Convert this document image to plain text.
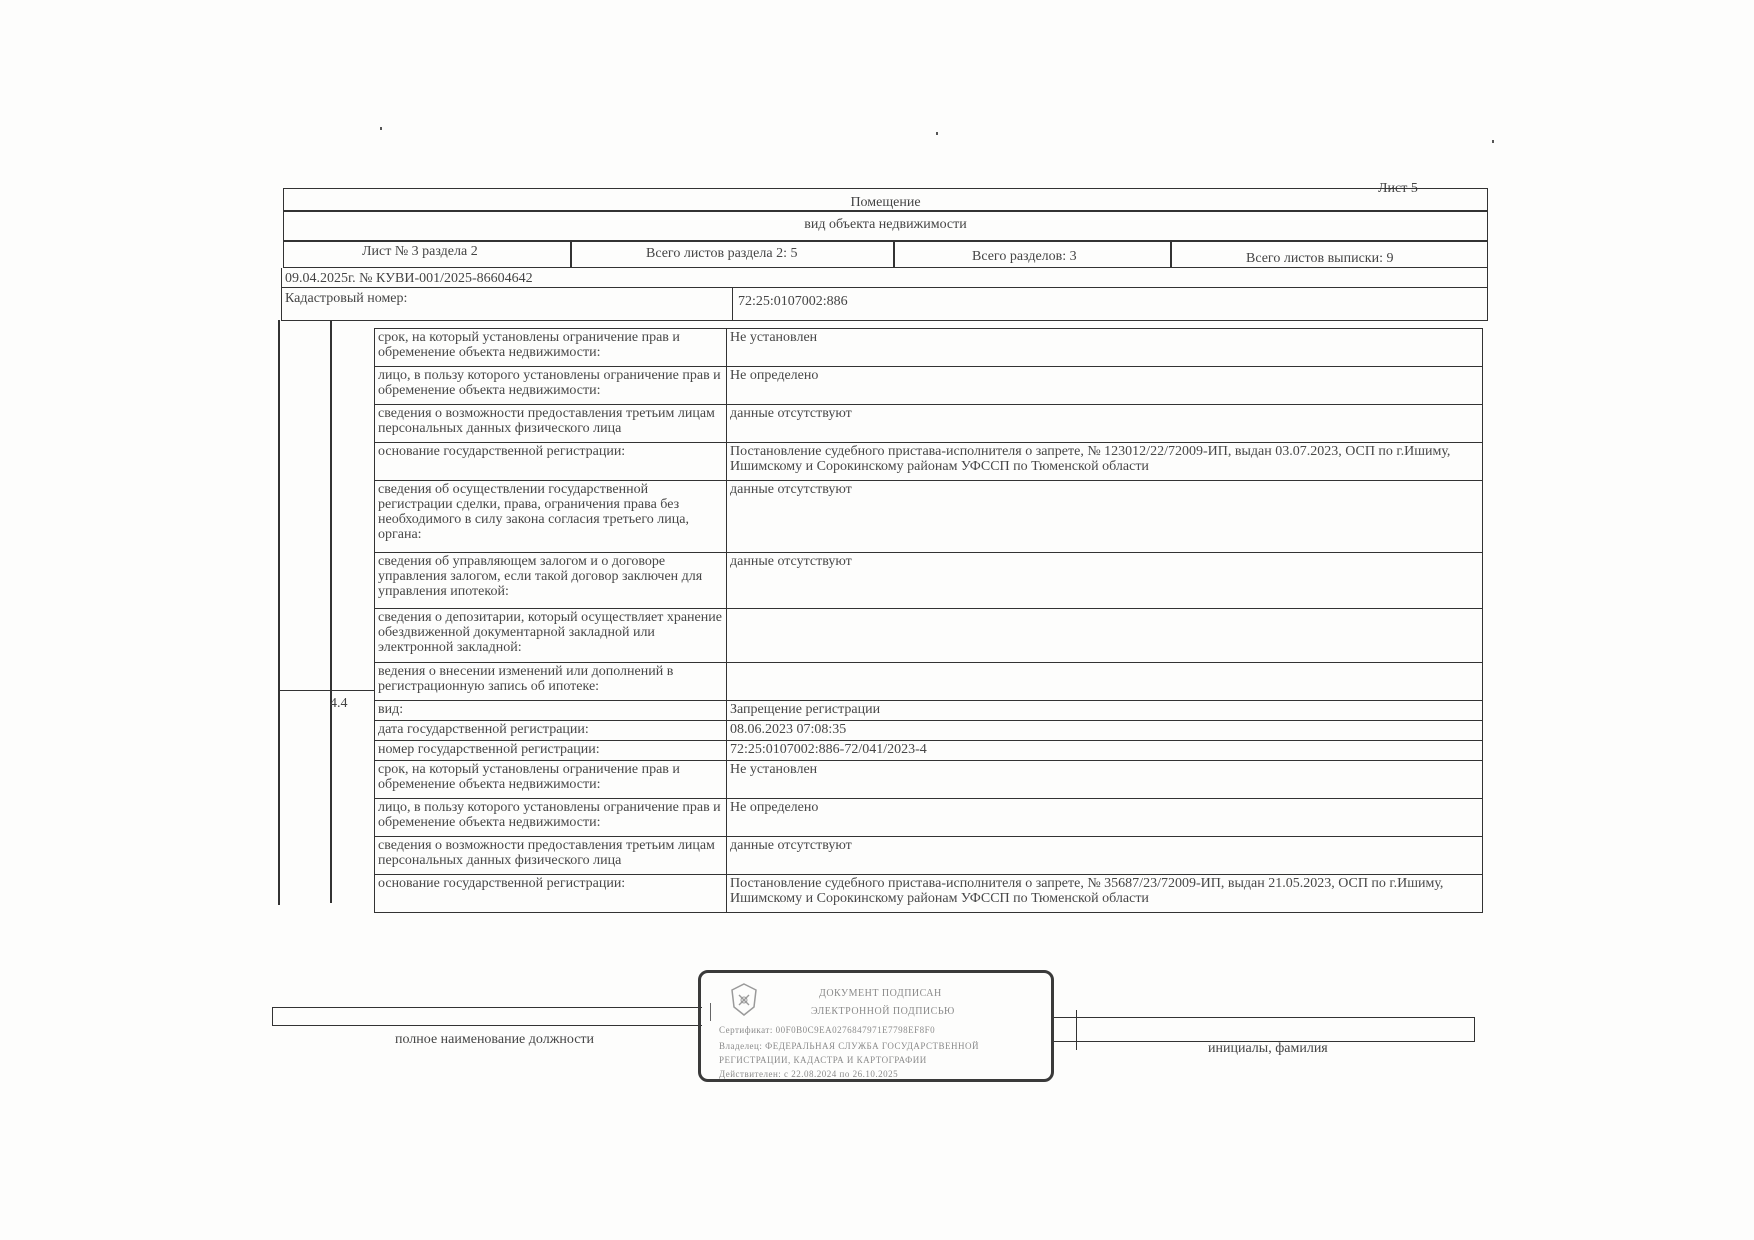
Лист 5
Помещение
вид объекта недвижимости
Лист № 3 раздела 2	Всего листов раздела 2: 5	Всего разделов: 3	Всего листов выписки: 9
09.04.2025г. № КУВИ-001/2025-86604642
Кадастровый номер:	72:25:0107002:886
4.4
срок, на который установлены ограничение прав и обременение объекта недвижимости:	Не установлен
лицо, в пользу которого установлены ограничение прав и обременение объекта недвижимости:	Не определено
сведения о возможности предоставления третьим лицам персональных данных физического лица	данные отсутствуют
основание государственной регистрации:	Постановление судебного пристава-исполнителя о запрете, № 123012/22/72009-ИП, выдан 03.07.2023, ОСП по г.Ишиму, Ишимскому и Сорокинскому районам УФССП по Тюменской области
сведения об осуществлении государственной регистрации сделки, права, ограничения права без необходимого в силу закона согласия третьего лица, органа:	данные отсутствуют
сведения об управляющем залогом и о договоре управления залогом, если такой договор заключен для управления ипотекой:	данные отсутствуют
сведения о депозитарии, который осуществляет хранение обездвиженной документарной закладной или электронной закладной:	
ведения о внесении изменений или дополнений в регистрационную запись об ипотеке:	
вид:	Запрещение регистрации
дата государственной регистрации:	08.06.2023 07:08:35
номер государственной регистрации:	72:25:0107002:886-72/041/2023-4
срок, на который установлены ограничение прав и обременение объекта недвижимости:	Не установлен
лицо, в пользу которого установлены ограничение прав и обременение объекта недвижимости:	Не определено
сведения о возможности предоставления третьим лицам персональных данных физического лица	данные отсутствуют
основание государственной регистрации:	Постановление судебного пристава-исполнителя о запрете, № 35687/23/72009-ИП, выдан 21.05.2023, ОСП по г.Ишиму, Ишимскому и Сорокинскому районам УФССП по Тюменской области
полное наименование должности
инициалы, фамилия
ДОКУМЕНТ ПОДПИСАН
ЭЛЕКТРОННОЙ ПОДПИСЬЮ
Сертификат: 00F0B0C9EA0276847971E7798EF8F0
Владелец: ФЕДЕРАЛЬНАЯ СЛУЖБА ГОСУДАРСТВЕННОЙ
РЕГИСТРАЦИИ, КАДАСТРА И КАРТОГРАФИИ
Действителен: с 22.08.2024 по 26.10.2025
